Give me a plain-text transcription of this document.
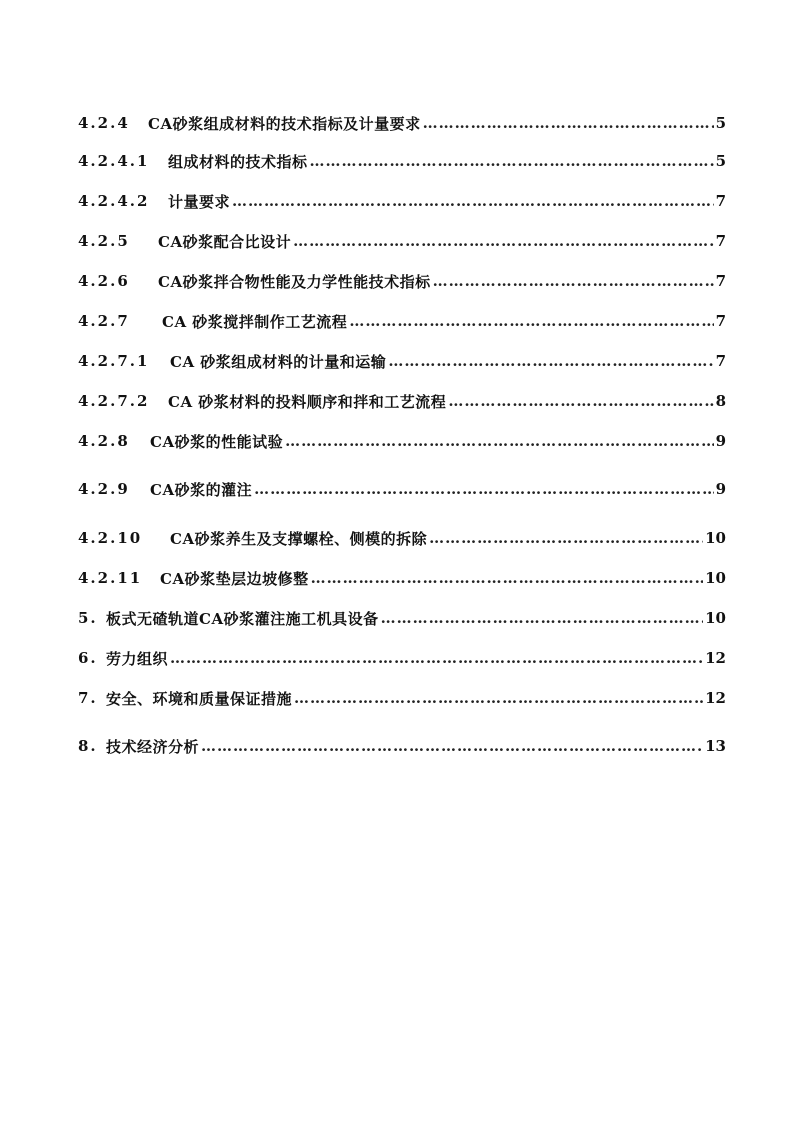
4.2.4	CA砂浆组成材料的技术指标及计量要求 ……………………………………………………………………………………………………………………………………………………………………	5
4.2.4.1	组成材料的技术指标 ……………………………………………………………………………………………………………………………………………………………………	5
4.2.4.2	计量要求 ……………………………………………………………………………………………………………………………………………………………………	7
4.2.5	CA砂浆配合比设计 ……………………………………………………………………………………………………………………………………………………………………	7
4.2.6	CA砂浆拌合物性能及力学性能技术指标 ……………………………………………………………………………………………………………………………………………………………………	7
4.2.7	CA 砂浆搅拌制作工艺流程 ……………………………………………………………………………………………………………………………………………………………………	7
4.2.7.1	CA 砂浆组成材料的计量和运输 ……………………………………………………………………………………………………………………………………………………………………	7
4.2.7.2	CA 砂浆材料的投料顺序和拌和工艺流程 ……………………………………………………………………………………………………………………………………………………………………	8
4.2.8	CA砂浆的性能试验 ……………………………………………………………………………………………………………………………………………………………………	9
4.2.9	CA砂浆的灌注 ……………………………………………………………………………………………………………………………………………………………………	9
4.2.10	CA砂浆养生及支撑螺栓、侧模的拆除 ……………………………………………………………………………………………………………………………………………………………………	10
4.2.11	CA砂浆垫层边坡修整 ……………………………………………………………………………………………………………………………………………………………………	10
5. 板式无碴轨道CA砂浆灌注施工机具设备 ……………………………………………………………………………………………………………………………………………………………………	10
6. 劳力组织 ……………………………………………………………………………………………………………………………………………………………………	12
7. 安全、环境和质量保证措施 ……………………………………………………………………………………………………………………………………………………………………	12
8. 技术经济分析 ……………………………………………………………………………………………………………………………………………………………………	13
